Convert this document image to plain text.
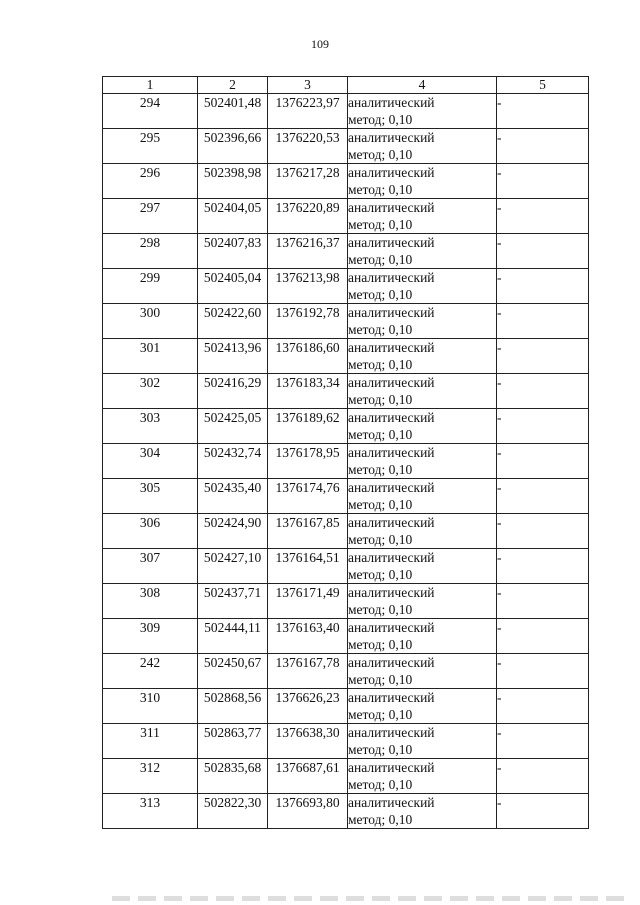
109
1	2	3	4	5
294	502401,48	1376223,97	аналитический
метод; 0,10	-
295	502396,66	1376220,53	аналитический
метод; 0,10	-
296	502398,98	1376217,28	аналитический
метод; 0,10	-
297	502404,05	1376220,89	аналитический
метод; 0,10	-
298	502407,83	1376216,37	аналитический
метод; 0,10	-
299	502405,04	1376213,98	аналитический
метод; 0,10	-
300	502422,60	1376192,78	аналитический
метод; 0,10	-
301	502413,96	1376186,60	аналитический
метод; 0,10	-
302	502416,29	1376183,34	аналитический
метод; 0,10	-
303	502425,05	1376189,62	аналитический
метод; 0,10	-
304	502432,74	1376178,95	аналитический
метод; 0,10	-
305	502435,40	1376174,76	аналитический
метод; 0,10	-
306	502424,90	1376167,85	аналитический
метод; 0,10	-
307	502427,10	1376164,51	аналитический
метод; 0,10	-
308	502437,71	1376171,49	аналитический
метод; 0,10	-
309	502444,11	1376163,40	аналитический
метод; 0,10	-
242	502450,67	1376167,78	аналитический
метод; 0,10	-
310	502868,56	1376626,23	аналитический
метод; 0,10	-
311	502863,77	1376638,30	аналитический
метод; 0,10	-
312	502835,68	1376687,61	аналитический
метод; 0,10	-
313	502822,30	1376693,80	аналитический
метод; 0,10	-
